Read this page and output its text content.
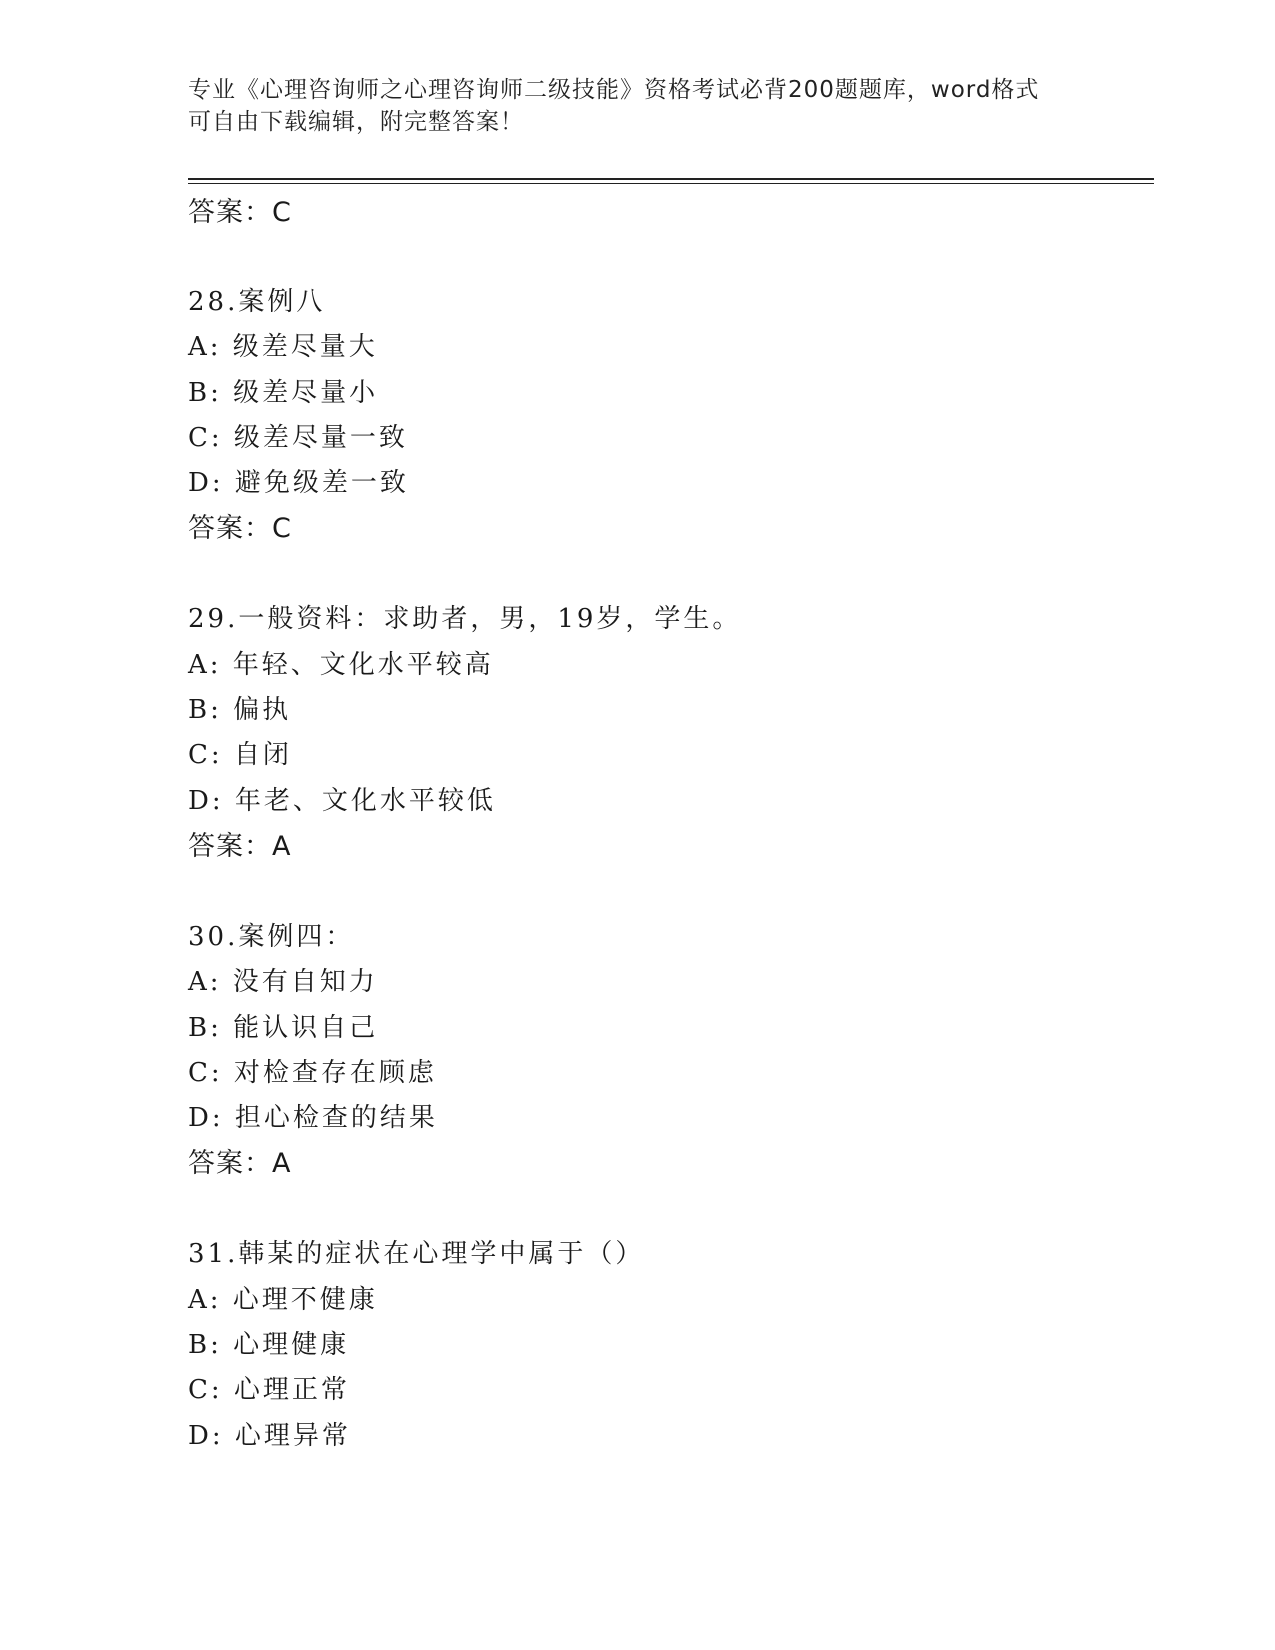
专业《心理咨询师之心理咨询师二级技能》资格考试必背200题题库，word格式
可自由下载编辑，附完整答案！
答案：C
28.案例八
A: 级差尽量大
B: 级差尽量小
C: 级差尽量一致
D: 避免级差一致
答案：C
29.一般资料：求助者，男，19岁，学生。
A: 年轻、文化水平较高
B: 偏执
C: 自闭
D: 年老、文化水平较低
答案：A
30.案例四：
A: 没有自知力
B: 能认识自己
C: 对检查存在顾虑
D: 担心检查的结果
答案：A
31.韩某的症状在心理学中属于（）
A: 心理不健康
B: 心理健康
C: 心理正常
D: 心理异常
